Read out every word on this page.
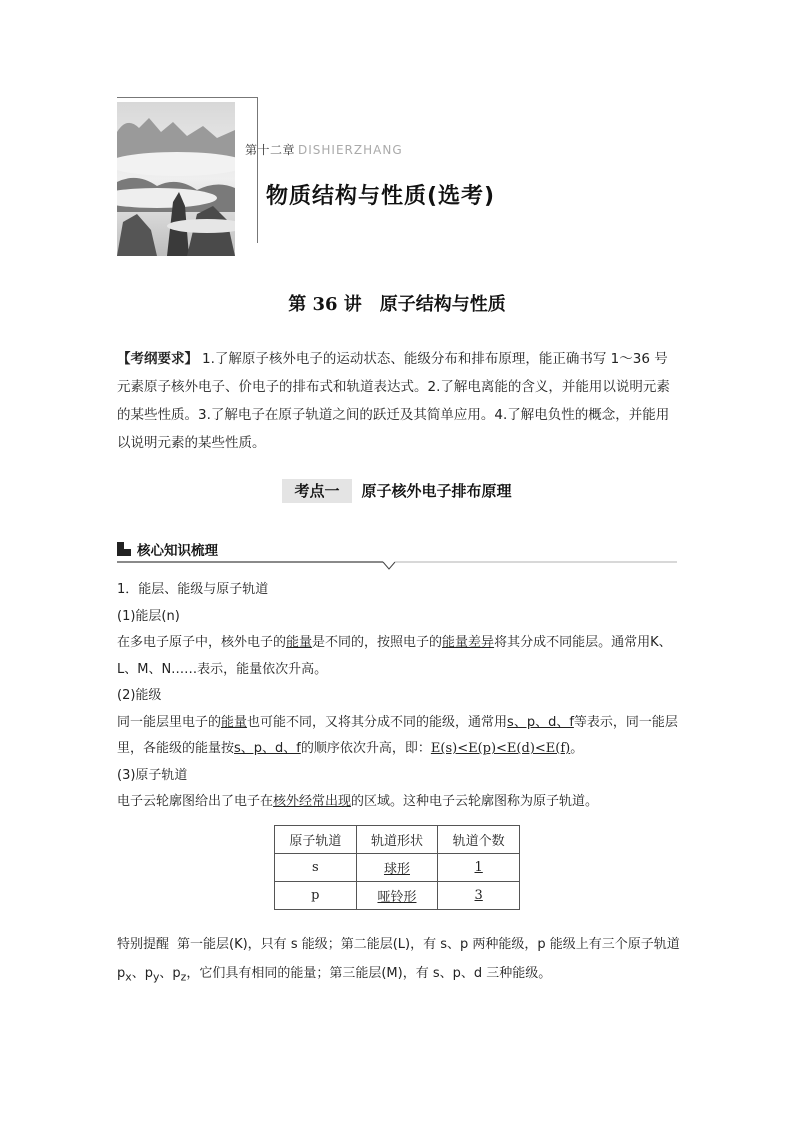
第十二章 DISHIERZHANG
物质结构与性质(选考)
第 36 讲　原子结构与性质
【考纲要求】 1.了解原子核外电子的运动状态、能级分布和排布原理，能正确书写 1～36 号元素原子核外电子、价电子的排布式和轨道表达式。2.了解电离能的含义，并能用以说明元素的某些性质。3.了解电子在原子轨道之间的跃迁及其简单应用。4.了解电负性的概念，并能用以说明元素的某些性质。
考点一 原子核外电子排布原理
核心知识梳理

1．能层、能级与原子轨道

(1)能层(n)

在多电子原子中，核外电子的能量是不同的，按照电子的能量差异将其分成不同能层。通常用K、L、M、N……表示，能量依次升高。

(2)能级

同一能层里电子的能量也可能不同，又将其分成不同的能级，通常用s、p、d、f等表示，同一能层里，各能级的能量按s、p、d、f的顺序依次升高，即：E(s)<E(p)<E(d)<E(f)。

(3)原子轨道

电子云轮廓图给出了电子在核外经常出现的区域。这种电子云轮廓图称为原子轨道。

原子轨道	轨道形状	轨道个数
s	球形	1
p	哑铃形	3
特别提醒 第一能层(K)，只有 s 能级；第二能层(L)，有 s、p 两种能级，p 能级上有三个原子轨道 $p_x$、$p_y$、$p_z$，它们具有相同的能量；第三能层(M)，有 s、p、d 三种能级。
